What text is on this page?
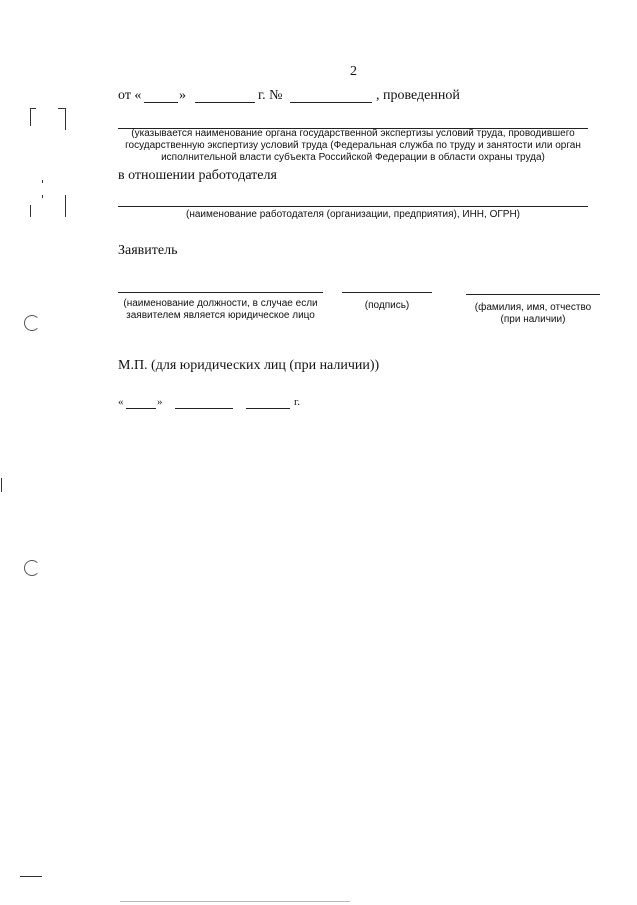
2
от «	»	г. №	, проведенной
(указывается наименование органа государственной экспертизы условий труда, проводившего
государственную экспертизу условий труда (Федеральная служба по труду и занятости или орган
исполнительной власти субъекта Российской Федерации в области охраны труда)
в отношении работодателя
(наименование работодателя (организации, предприятия), ИНН, ОГРН)
Заявитель
(наименование должности, в случае если
заявителем является юридическое лицо
(подпись)	(фамилия, имя, отчество
(при наличии)
М.П. (для юридических лиц (при наличии))
«	»	г.
